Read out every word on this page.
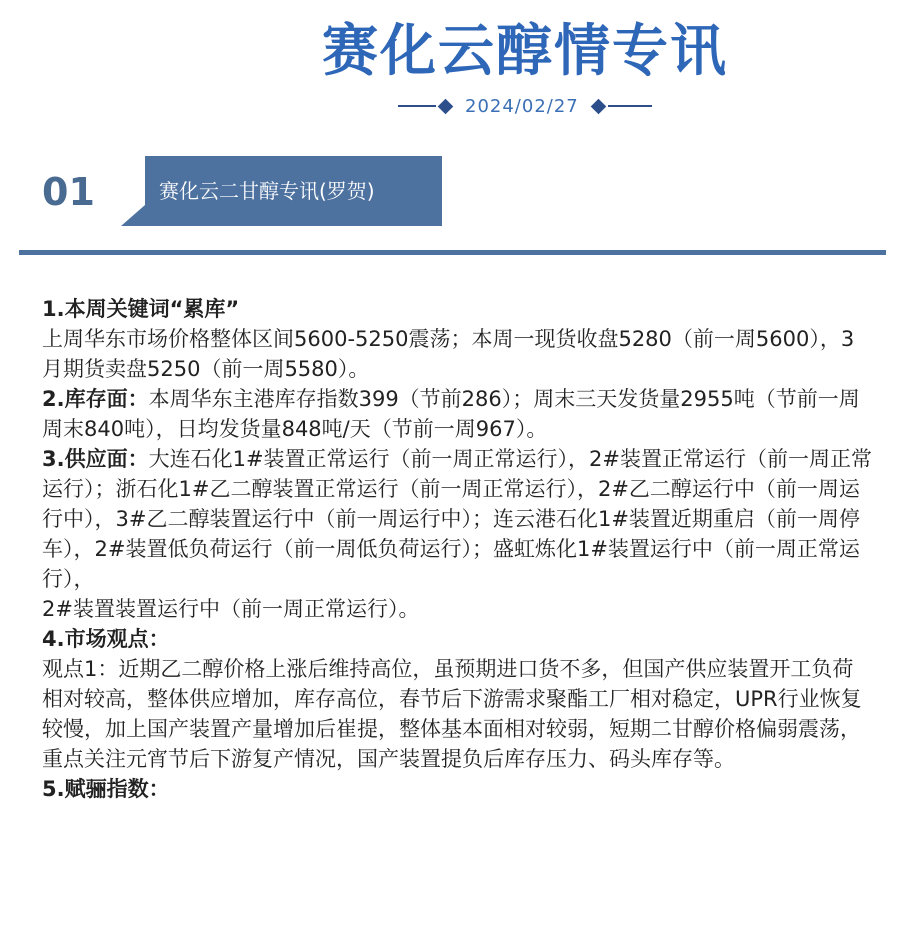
赛化云醇情专讯
2024/02/27
01	赛化云二甘醇专讯(罗贺)

1.本周关键词“累库”

上周华东市场价格整体区间5600-5250震荡；本周一现货收盘5280（前一周5600），3月期货卖盘5250（前一周5580）。

2.库存面：本周华东主港库存指数399（节前286）；周末三天发货量2955吨（节前一周周末840吨），日均发货量848吨/天（节前一周967）。

3.供应面：大连石化1#装置正常运行（前一周正常运行），2#装置正常运行（前一周正常运行）；浙石化1#乙二醇装置正常运行（前一周正常运行），2#乙二醇运行中（前一周运行中），3#乙二醇装置运行中（前一周运行中）；连云港石化1#装置近期重启（前一周停车），2#装置低负荷运行（前一周低负荷运行）；盛虹炼化1#装置运行中（前一周正常运行），

2#装置装置运行中（前一周正常运行）。

4.市场观点：

观点1：近期乙二醇价格上涨后维持高位，虽预期进口货不多，但国产供应装置开工负荷相对较高，整体供应增加，库存高位，春节后下游需求聚酯工厂相对稳定，UPR行业恢复较慢，加上国产装置产量增加后崔提，整体基本面相对较弱，短期二甘醇价格偏弱震荡，重点关注元宵节后下游复产情况，国产装置提负后库存压力、码头库存等。

5.赋骊指数：
